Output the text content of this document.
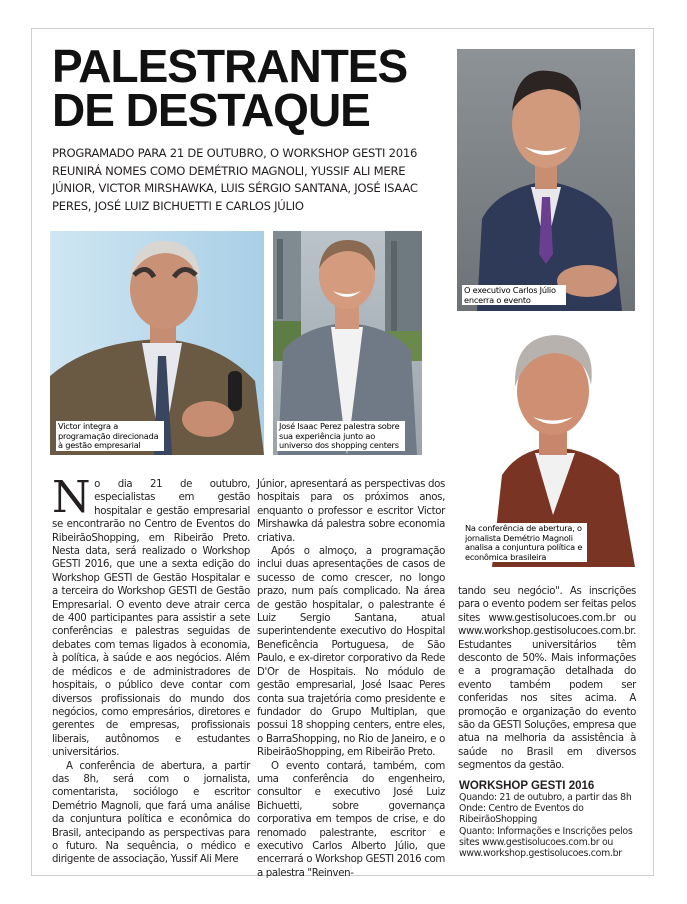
PALESTRANTES
DE DESTAQUE

PROGRAMADO PARA 21 DE OUTUBRO, O WORKSHOP GESTI 2016 REUNIRÁ NOMES COMO DEMÉTRIO MAGNOLI, YUSSIF ALI MERE JÚNIOR, VICTOR MIRSHAWKA, LUIS SÉRGIO SANTANA, JOSÉ ISAAC PERES, JOSÉ LUIZ BICHUETTI E CARLOS JÚLIO

O executivo Carlos Júlio encerra o evento
Victor integra a programação direcionada à gestão empresarial
José Isaac Perez palestra sobre sua experiência junto ao universo dos shopping centers
Na conferência de abertura, o jornalista Demétrio Magnoli analisa a conjuntura política e econômica brasileira

No dia 21 de outubro, especialistas em gestão hospitalar e gestão empresarial se encontrarão no Centro de Eventos do RibeirãoShopping, em Ribeirão Preto. Nesta data, será realizado o Workshop GESTI 2016, que une a sexta edição do Workshop GESTI de Gestão Hospitalar e a terceira do Workshop GESTI de Gestão Empresarial. O evento deve atrair cerca de 400 participantes para assistir a sete conferências e palestras seguidas de debates com temas ligados à economia, à política, à saúde e aos negócios. Além de médicos e de administradores de hospitais, o público deve contar com diversos profissionais do mundo dos negócios, como empresários, diretores e gerentes de empresas, profissionais liberais, autônomos e estudantes universitários.

A conferência de abertura, a partir das 8h, será com o jornalista, comentarista, sociólogo e escritor Demétrio Magnoli, que fará uma análise da conjuntura política e econômica do Brasil, antecipando as perspectivas para o futuro. Na sequência, o médico e dirigente de associação, Yussif Ali Mere

Júnior, apresentará as perspectivas dos hospitais para os próximos anos, enquanto o professor e escritor Victor Mirshawka dá palestra sobre economia criativa.

Após o almoço, a programação inclui duas apresentações de casos de sucesso de como crescer, no longo prazo, num país complicado. Na área de gestão hospitalar, o palestrante é Luiz Sergio Santana, atual superintendente executivo do Hospital Beneficência Portuguesa, de São Paulo, e ex-diretor corporativo da Rede D'Or de Hospitais. No módulo de gestão empresarial, José Isaac Peres conta sua trajetória como presidente e fundador do Grupo Multiplan, que possui 18 shopping centers, entre eles, o BarraShopping, no Rio de Janeiro, e o RibeirãoShopping, em Ribeirão Preto.

O evento contará, também, com uma conferência do engenheiro, consultor e executivo José Luiz Bichuetti, sobre governança corporativa em tempos de crise, e do renomado palestrante, escritor e executivo Carlos Alberto Júlio, que encerrará o Workshop GESTI 2016 com a palestra "Reinven-

tando seu negócio". As inscrições para o evento podem ser feitas pelos sites www.gestisolucoes.com.br ou www.workshop.gestisolucoes.com.br. Estudantes universitários têm desconto de 50%. Mais informações e a programação detalhada do evento também podem ser conferidas nos sites acima. A promoção e organização do evento são da GESTI Soluções, empresa que atua na melhoria da assistência à saúde no Brasil em diversos segmentos da gestão.

WORKSHOP GESTI 2016
Quando: 21 de outubro, a partir das 8h
Onde: Centro de Eventos do RibeirãoShopping
Quanto: Informações e Inscrições pelos sites www.gestisolucoes.com.br ou www.workshop.gestisolucoes.com.br
